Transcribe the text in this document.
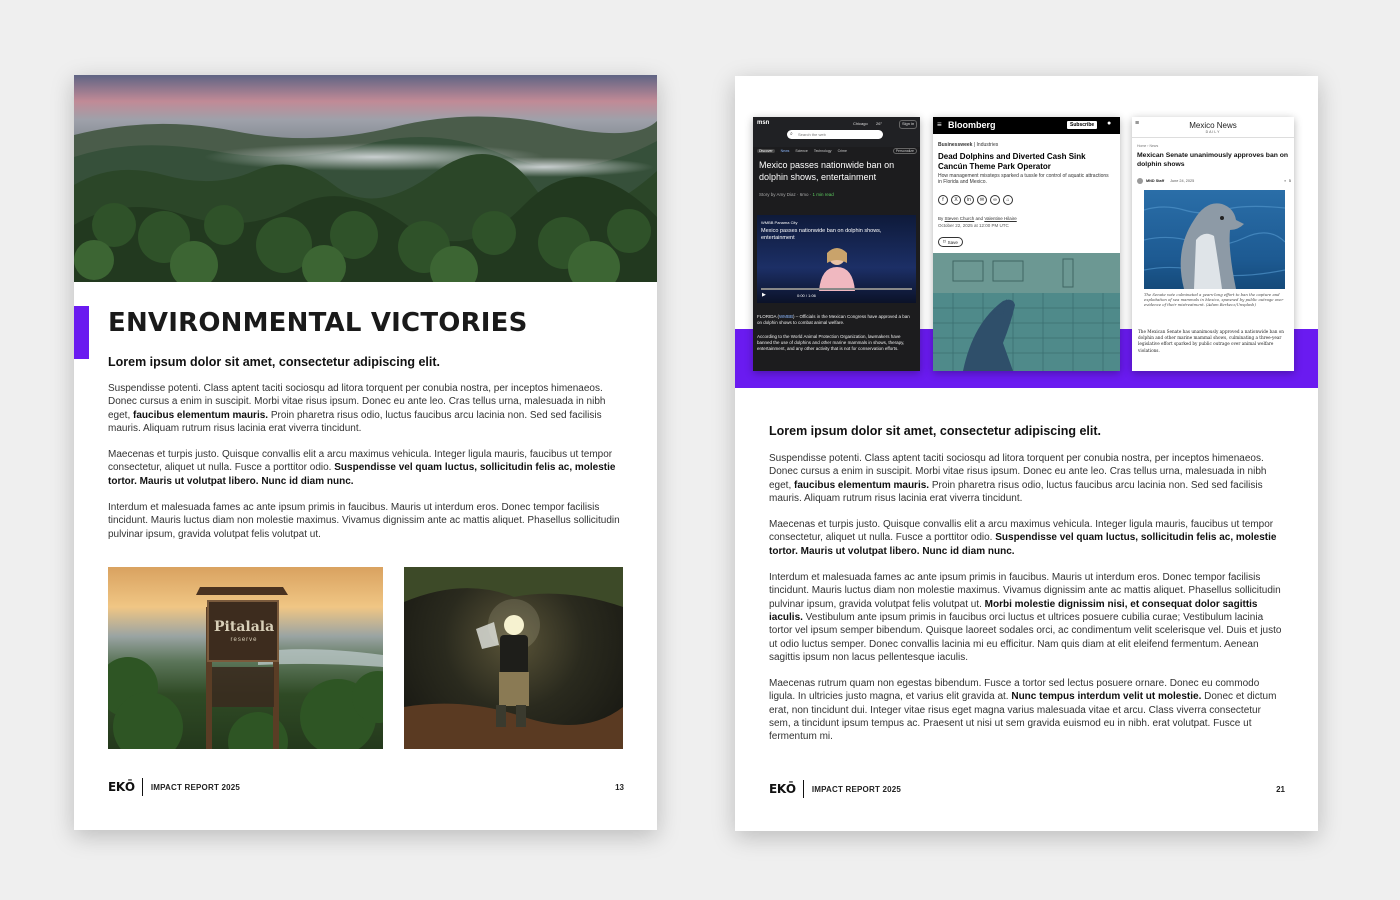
ENVIRONMENTAL VICTORIES
Lorem ipsum dolor sit amet, consectetur adipiscing elit.

Suspendisse potenti. Class aptent taciti sociosqu ad litora torquent per conubia nostra, per inceptos himenaeos. Donec cursus a enim in suscipit. Morbi vitae risus ipsum. Donec eu ante leo. Cras tellus urna, malesuada in nibh eget, faucibus elementum mauris. Proin pharetra risus odio, luctus faucibus arcu lacinia non. Sed sed facilisis mauris. Aliquam rutrum risus lacinia erat viverra tincidunt.

Maecenas et turpis justo. Quisque convallis elit a arcu maximus vehicula. Integer ligula mauris, faucibus ut tempor consectetur, aliquet ut nulla. Fusce a porttitor odio. Suspendisse vel quam luctus, sollicitudin felis ac, molestie tortor. Mauris ut volutpat libero. Nunc id diam nunc.

Interdum et malesuada fames ac ante ipsum primis in faucibus. Mauris ut interdum eros. Donec tempor facilisis tincidunt. Mauris luctus diam non molestie maximus. Vivamus dignissim ante ac mattis aliquet. Phasellus sollicitudin pulvinar ipsum, gravida volutpat felis volutpat ut.

Pitalala
reserve
EKŌ IMPACT REPORT 2025	13
msn	Chicago 26°	Sign in
⌕ Search the web
Discover	News Science Technology Crime	Personalize
Mexico passes nationwide ban on dolphin shows, entertainment
Story by Amy Diaz · 6mo · 1 min read
WMBB Panama City
Mexico passes nationwide ban on dolphin shows, entertainment
▶	0:00 / 1:06
FLORIDA (WMBB) – Officials in the Mexican Congress have approved a ban on dolphin shows to combat animal welfare.
According to the World Animal Protection Organization, lawmakers have banned the use of dolphins and other marine mammals in shows, therapy, entertainment, and any other activity that is not for conservation efforts.
≡ Bloomberg	Subscribe	●
Businessweek | Industries
Dead Dolphins and Diverted Cash Sink Cancún Theme Park Operator
How management missteps sparked a tussle for control of aquatic attractions in Florida and Mexico.
f	X	in	✉	∞	⌂
By Steven Church and Valentine Hilaire
October 22, 2025 at 12:00 PM UTC
⌑ Save
≡	Mexico News
DAILY
Home › News
Mexican Senate unanimously approves ban on dolphin shows
MND Staff June 24, 2025	▪ 5
The Senate vote culminated a years-long effort to ban the capture and exploitation of sea mammals in Mexico, spawned by public outrage over evidence of their mistreatment. (Adam Berkecz/Unsplash)
The Mexican Senate has unanimously approved a nationwide ban on dolphin and other marine mammal shows, culminating a three-year legislative effort sparked by public outrage over animal welfare violations.
Lorem ipsum dolor sit amet, consectetur adipiscing elit.

Suspendisse potenti. Class aptent taciti sociosqu ad litora torquent per conubia nostra, per inceptos himenaeos. Donec cursus a enim in suscipit. Morbi vitae risus ipsum. Donec eu ante leo. Cras tellus urna, malesuada in nibh eget, faucibus elementum mauris. Proin pharetra risus odio, luctus faucibus arcu lacinia non. Sed sed facilisis mauris. Aliquam rutrum risus lacinia erat viverra tincidunt.

Maecenas et turpis justo. Quisque convallis elit a arcu maximus vehicula. Integer ligula mauris, faucibus ut tempor consectetur, aliquet ut nulla. Fusce a porttitor odio. Suspendisse vel quam luctus, sollicitudin felis ac, molestie tortor. Mauris ut volutpat libero. Nunc id diam nunc.

Interdum et malesuada fames ac ante ipsum primis in faucibus. Mauris ut interdum eros. Donec tempor facilisis tincidunt. Mauris luctus diam non molestie maximus. Vivamus dignissim ante ac mattis aliquet. Phasellus sollicitudin pulvinar ipsum, gravida volutpat felis volutpat ut. Morbi molestie dignissim nisi, et consequat dolor sagittis iaculis. Vestibulum ante ipsum primis in faucibus orci luctus et ultrices posuere cubilia curae; Vestibulum lacinia tortor vel ipsum semper bibendum. Quisque laoreet sodales orci, ac condimentum velit scelerisque vel. Duis et justo ut odio luctus semper. Donec convallis lacinia mi eu efficitur. Nam quis diam at elit eleifend fermentum. Aenean sagittis ipsum non lacus pellentesque iaculis.

Maecenas rutrum quam non egestas bibendum. Fusce a tortor sed lectus posuere ornare. Donec eu commodo ligula. In ultricies justo magna, et varius elit gravida at. Nunc tempus interdum velit ut molestie. Donec et dictum erat, non tincidunt dui. Integer vitae risus eget magna varius malesuada vitae et arcu. Class viverra consectetur sem, a tincidunt ipsum tempus ac. Praesent ut nisi ut sem gravida euismod eu in nibh. erat volutpat. Fusce ut fermentum mi.

EKŌ IMPACT REPORT 2025	21
